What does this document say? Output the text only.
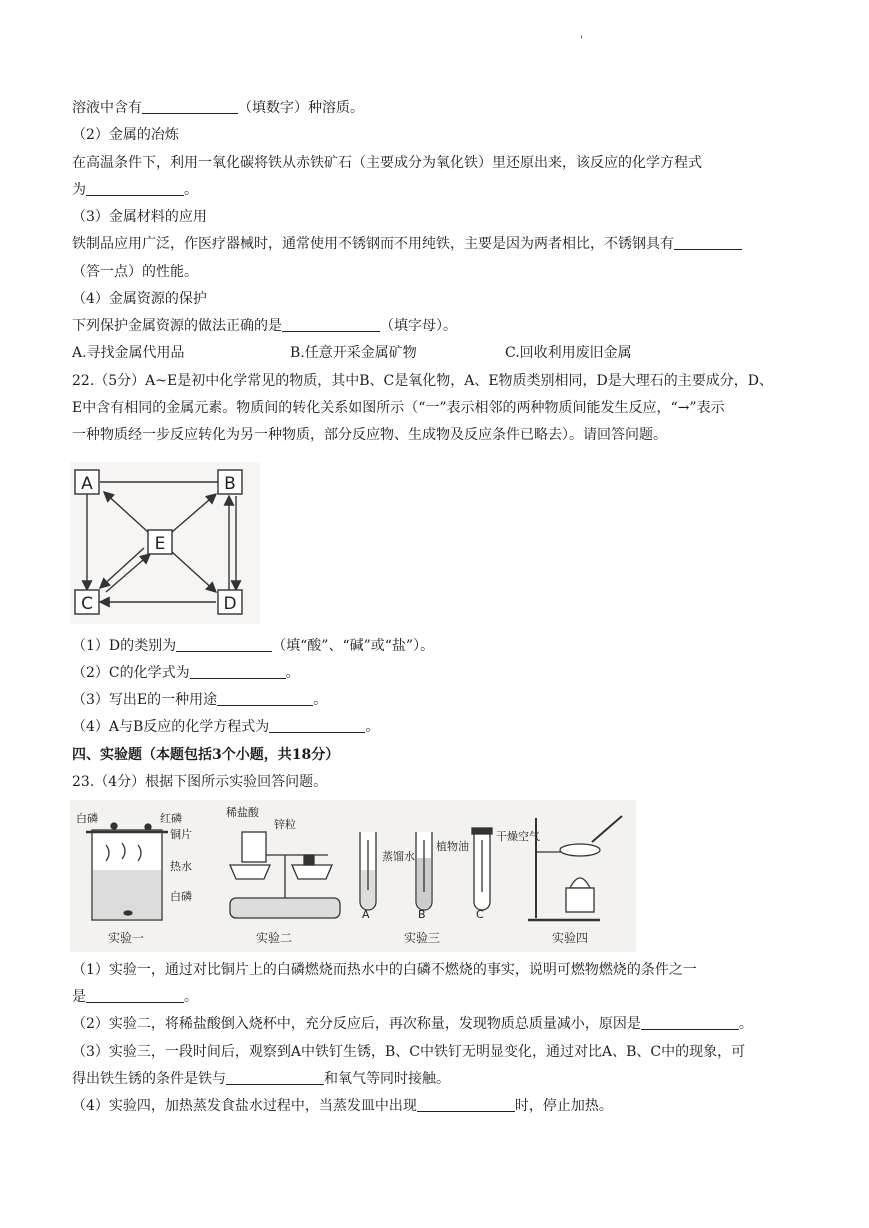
'
溶液中含有	（填数字）种溶质。
（2）金属的冶炼
在高温条件下，利用一氧化碳将铁从赤铁矿石（主要成分为氧化铁）里还原出来，该反应的化学方程式
为	。
（3）金属材料的应用
铁制品应用广泛，作医疗器械时，通常使用不锈钢而不用纯铁，主要是因为两者相比，不锈钢具有
（答一点）的性能。
（4）金属资源的保护
下列保护金属资源的做法正确的是	（填字母）。
A.寻找金属代用品	B.任意开采金属矿物	C.回收利用废旧金属
22.（5分）A~E是初中化学常见的物质，其中B、C是氧化物，A、E物质类别相同，D是大理石的主要成分，D、
E中含有相同的金属元素。物质间的转化关系如图所示（“一”表示相邻的两种物质间能发生反应，“→”表示
一种物质经一步反应转化为另一种物质，部分反应物、生成物及反应条件已略去）。请回答问题。
A	B
C	D
E
（1）D的类别为	（填“酸”、“碱”或“盐”）。
（2）C的化学式为	。
（3）写出E的一种用途	。
（4）A与B反应的化学方程式为	。
四、实验题（本题包括3个小题，共18分）
23.（4分）根据下图所示实验回答问题。
白磷	红磷
铜片
热水
白磷
稀盐酸
锌粒
蒸馏水
植物油
干燥空气
A	B	C
实验一	实验二	实验三	实验四
（1）实验一，通过对比铜片上的白磷燃烧而热水中的白磷不燃烧的事实，说明可燃物燃烧的条件之一
是	。
（2）实验二，将稀盐酸倒入烧杯中，充分反应后，再次称量，发现物质总质量减小，原因是	。
（3）实验三，一段时间后，观察到A中铁钉生锈，B、C中铁钉无明显变化，通过对比A、B、C中的现象，可
得出铁生锈的条件是铁与	和氧气等同时接触。
（4）实验四，加热蒸发食盐水过程中，当蒸发皿中出现	时，停止加热。
